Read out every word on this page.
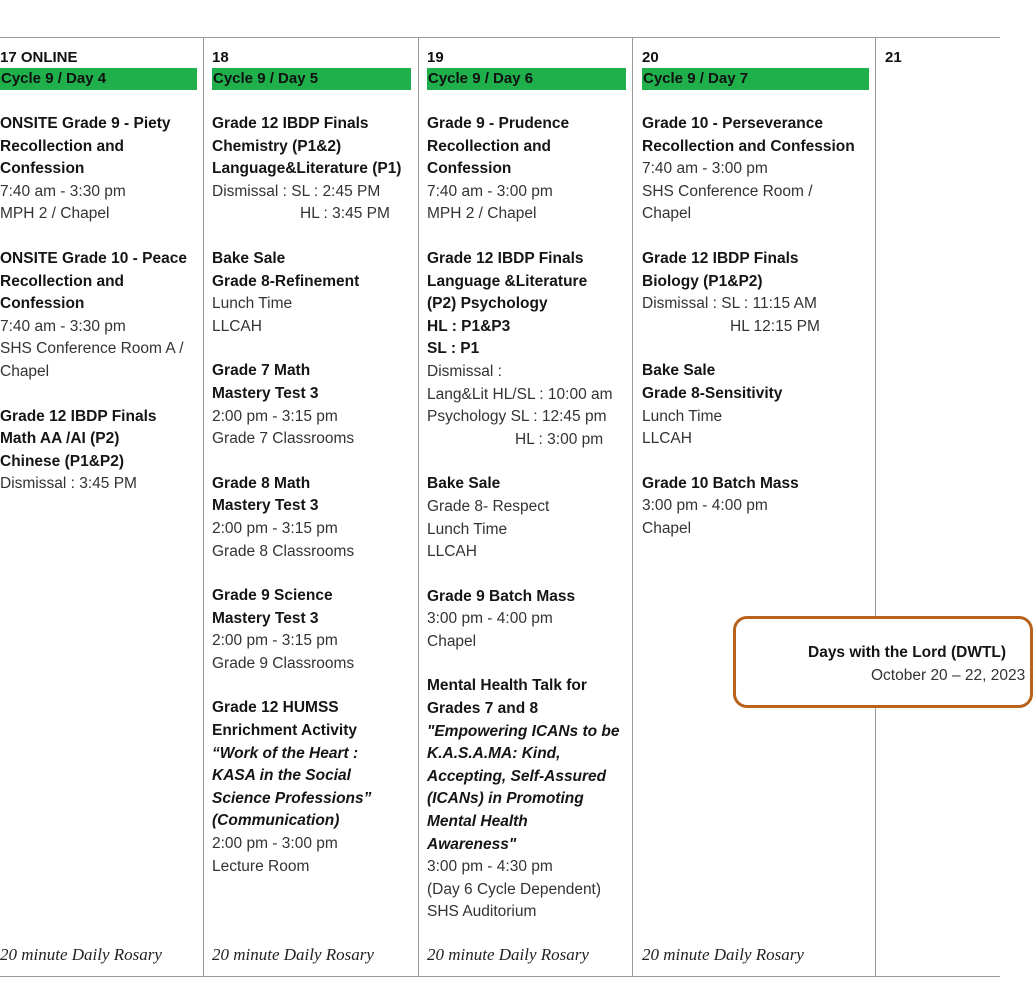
17 ONLINE
Cycle 9 / Day 4
ONSITE Grade 9 - Piety
Recollection and
Confession
7:40 am - 3:30 pm
MPH 2 / Chapel
ONSITE Grade 10 - Peace
Recollection and
Confession
7:40 am - 3:30 pm
SHS Conference Room A /
Chapel
Grade 12 IBDP Finals
Math AA /AI (P2)
Chinese (P1&P2)
Dismissal : 3:45 PM
20 minute Daily Rosary
18
Cycle 9 / Day 5
Grade 12 IBDP Finals
Chemistry (P1&2)
Language&Literature (P1)
Dismissal : SL : 2:45 PM
HL : 3:45 PM
Bake Sale
Grade 8-Refinement
Lunch Time
LLCAH
Grade 7 Math
Mastery Test 3
2:00 pm - 3:15 pm
Grade 7 Classrooms
Grade 8 Math
Mastery Test 3
2:00 pm - 3:15 pm
Grade 8 Classrooms
Grade 9 Science
Mastery Test 3
2:00 pm - 3:15 pm
Grade 9 Classrooms
Grade 12 HUMSS
Enrichment Activity
“Work of the Heart :
KASA in the Social
Science Professions”
(Communication)
2:00 pm - 3:00 pm
Lecture Room
20 minute Daily Rosary
19
Cycle 9 / Day 6
Grade 9 - Prudence
Recollection and
Confession
7:40 am - 3:00 pm
MPH 2 / Chapel
Grade 12 IBDP Finals
Language &Literature
(P2) Psychology
HL : P1&P3
SL : P1
Dismissal :
Lang&Lit HL/SL : 10:00 am
Psychology SL : 12:45 pm
HL : 3:00 pm
Bake Sale
Grade 8- Respect
Lunch Time
LLCAH
Grade 9 Batch Mass
3:00 pm - 4:00 pm
Chapel
Mental Health Talk for
Grades 7 and 8
"Empowering ICANs to be
K.A.S.A.MA: Kind,
Accepting, Self-Assured
(ICANs) in Promoting
Mental Health
Awareness"
3:00 pm - 4:30 pm
(Day 6 Cycle Dependent)
SHS Auditorium
20 minute Daily Rosary
20
Cycle 9 / Day 7
Grade 10 - Perseverance
Recollection and Confession
7:40 am - 3:00 pm
SHS Conference Room /
Chapel
Grade 12 IBDP Finals
Biology (P1&P2)
Dismissal : SL : 11:15 AM
HL 12:15 PM
Bake Sale
Grade 8-Sensitivity
Lunch Time
LLCAH
Grade 10 Batch Mass
3:00 pm - 4:00 pm
Chapel
20 minute Daily Rosary
21
Days with the Lord (DWTL)
October 20 – 22, 2023
